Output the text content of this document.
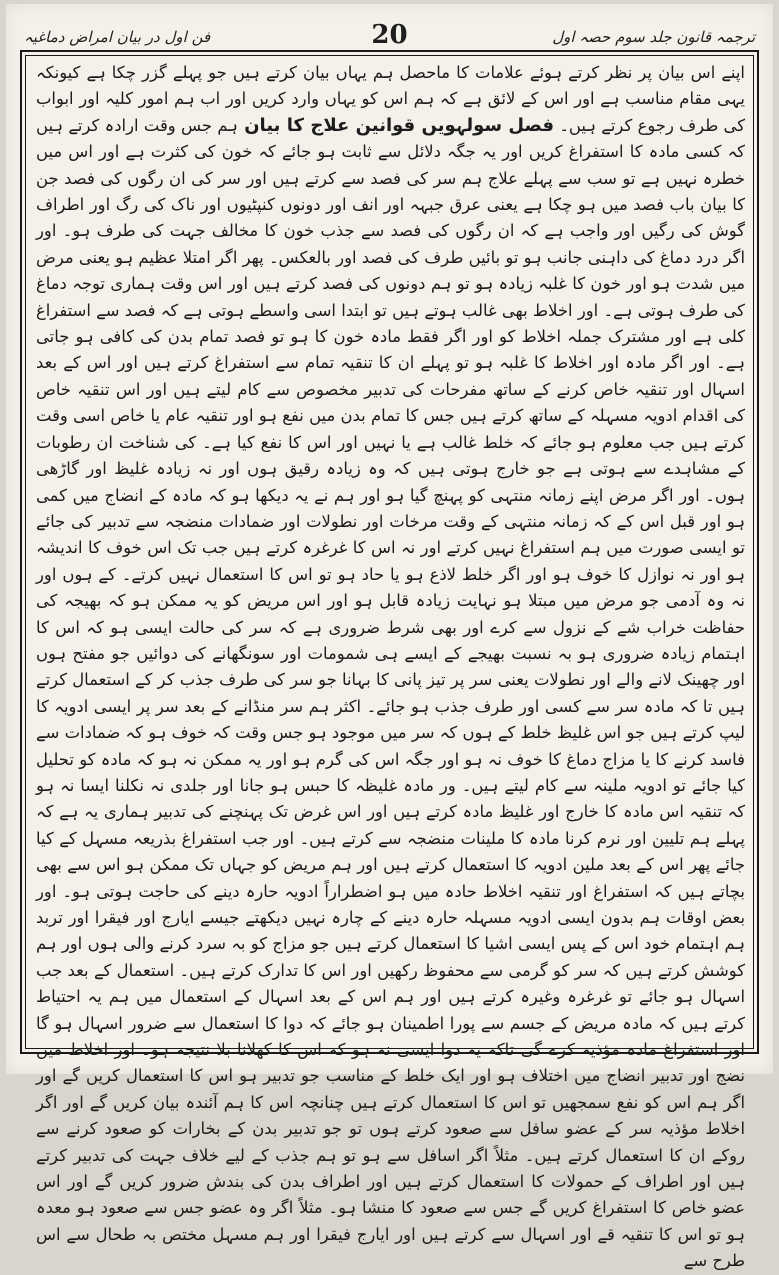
ترجمہ قانون جلد سوم حصہ اول
20
فن اول در بیان امراض دماغیہ

اپنے اس بیان پر نظر کرتے ہوئے علامات کا ماحصل ہم یہاں بیان کرتے ہیں جو پہلے گزر چکا ہے کیونکہ یہی مقام مناسب ہے اور اس کے لائق ہے کہ ہم اس کو یہاں وارد کریں اور اب ہم امور کلیہ اور ابواب کی طرف رجوع کرتے ہیں۔ فصل سولہویں قوانین علاج کا بیان ہم جس وقت ارادہ کرتے ہیں کہ کسی مادہ کا استفراغ کریں اور یہ جگہ دلائل سے ثابت ہو جائے کہ خون کی کثرت ہے اور اس میں خطرہ نہیں ہے تو سب سے پہلے علاج ہم سر کی فصد سے کرتے ہیں اور سر کی ان رگوں کی فصد جن کا بیان باب فصد میں ہو چکا ہے یعنی عرق جبہہ اور انف اور دونوں کنپٹیوں اور ناک کی رگ اور اطراف گوش کی رگیں اور واجب ہے کہ ان رگوں کی فصد سے جذب خون کا مخالف جہت کی طرف ہو۔ اور اگر درد دماغ کی داہنی جانب ہو تو بائیں طرف کی فصد اور بالعکس۔ پھر اگر امتلا عظیم ہو یعنی مرض میں شدت ہو اور خون کا غلبہ زیادہ ہو تو ہم دونوں کی فصد کرتے ہیں اور اس وقت ہماری توجہ دماغ کی طرف ہوتی ہے۔ اور اخلاط بھی غالب ہوتے ہیں تو ابتدا اسی واسطے ہوتی ہے کہ فصد سے استفراغ کلی ہے اور مشترک جملہ اخلاط کو اور اگر فقط مادہ خون کا ہو تو فصد تمام بدن کی کافی ہو جاتی ہے۔ اور اگر مادہ اور اخلاط کا غلبہ ہو تو پہلے ان کا تنقیہ تمام سے استفراغ کرتے ہیں اور اس کے بعد اسہال اور تنقیہ خاص کرنے کے ساتھ مفرحات کی تدبیر مخصوص سے کام لیتے ہیں اور اس تنقیہ خاص کی اقدام ادویہ مسہلہ کے ساتھ کرتے ہیں جس کا تمام بدن میں نفع ہو اور تنقیہ عام یا خاص اسی وقت کرتے ہیں جب معلوم ہو جائے کہ خلط غالب ہے یا نہیں اور اس کا نفع کیا ہے۔ کی شناخت ان رطوبات کے مشاہدے سے ہوتی ہے جو خارج ہوتی ہیں کہ وہ زیادہ رقیق ہوں اور نہ زیادہ غلیظ اور گاڑھی ہوں۔ اور اگر مرض اپنے زمانہ منتہی کو پہنچ گیا ہو اور ہم نے یہ دیکھا ہو کہ مادہ کے انضاج میں کمی ہو اور قبل اس کے کہ زمانہ منتہی کے وقت مرخات اور نطولات اور ضمادات منضجہ سے تدبیر کی جائے تو ایسی صورت میں ہم استفراغ نہیں کرتے اور نہ اس کا غرغرہ کرتے ہیں جب تک اس خوف کا اندیشہ ہو اور نہ نوازل کا خوف ہو اور اگر خلط لاذع ہو یا حاد ہو تو اس کا استعمال نہیں کرتے۔ کے ہوں اور نہ وہ آدمی جو مرض میں مبتلا ہو نہایت زیادہ قابل ہو اور اس مریض کو یہ ممکن ہو کہ بھیجہ کی حفاظت خراب شے کے نزول سے کرے اور بھی شرط ضروری ہے کہ سر کی حالت ایسی ہو کہ اس کا اہتمام زیادہ ضروری ہو بہ نسبت بھیجے کے ایسے ہی شمومات اور سونگھانے کی دوائیں جو مفتح ہوں اور چھینک لانے والے اور نطولات یعنی سر پر تیز پانی کا بہانا جو سر کی طرف جذب کر کے استعمال کرتے ہیں تا کہ مادہ سر سے کسی اور طرف جذب ہو جائے۔ اکثر ہم سر منڈانے کے بعد سر پر ایسی ادویہ کا لیپ کرتے ہیں جو اس غلیظ خلط کے ہوں کہ سر میں موجود ہو جس وقت کہ خوف ہو کہ ضمادات سے فاسد کرنے کا یا مزاج دماغ کا خوف نہ ہو اور جگہ اس کی گرم ہو اور یہ ممکن نہ ہو کہ مادہ کو تحلیل کیا جائے تو ادویہ ملینہ سے کام لیتے ہیں۔ ور مادہ غلیظہ کا حبس ہو جانا اور جلدی نہ نکلنا ایسا نہ ہو کہ تنقیہ اس مادہ کا خارج اور غلیظ مادہ کرتے ہیں اور اس غرض تک پہنچنے کی تدبیر ہماری یہ ہے کہ پہلے ہم تلیین اور نرم کرنا مادہ کا ملینات منضجہ سے کرتے ہیں۔ اور جب استفراغ بذریعہ مسہل کے کیا جائے پھر اس کے بعد ملین ادویہ کا استعمال کرتے ہیں اور ہم مریض کو جہاں تک ممکن ہو اس سے بھی بچاتے ہیں کہ استفراغ اور تنقیہ اخلاط حادہ میں ہو اضطراراً ادویہ حارہ دینے کی حاجت ہوتی ہو۔ اور بعض اوقات ہم بدون ایسی ادویہ مسہلہ حارہ دینے کے چارہ نہیں دیکھتے جیسے ایارج اور فیقرا اور تربد ہم اہتمام خود اس کے پس ایسی اشیا کا استعمال کرتے ہیں جو مزاج کو بہ سرد کرنے والی ہوں اور ہم کوشش کرتے ہیں کہ سر کو گرمی سے محفوظ رکھیں اور اس کا تدارک کرتے ہیں۔ استعمال کے بعد جب اسہال ہو جائے تو غرغرہ وغیرہ کرتے ہیں اور ہم اس کے بعد اسہال کے استعمال میں ہم یہ احتیاط کرتے ہیں کہ مادہ مریض کے جسم سے پورا اطمینان ہو جائے کہ دوا کا استعمال سے ضرور اسہال ہو گا اور استفراغ مادہ مؤذیہ کرے گی تاکہ یہ دوا ایسی نہ ہو کہ اس کا کھلانا بلا نتیجہ ہو۔ اور اخلاط میں نضج اور تدبیر انضاج میں اختلاف ہو اور ایک خلط کے مناسب جو تدبیر ہو اس کا استعمال کریں گے اور اگر ہم اس کو نفع سمجھیں تو اس کا استعمال کرتے ہیں چنانچہ اس کا ہم آئندہ بیان کریں گے اور اگر اخلاط مؤذیہ سر کے عضو سافل سے صعود کرتے ہوں تو جو تدبیر بدن کے بخارات کو صعود کرنے سے روکے ان کا استعمال کرتے ہیں۔ مثلاً اگر اسافل سے ہو تو ہم جذب کے لیے خلاف جہت کی تدبیر کرتے ہیں اور اطراف کے حمولات کا استعمال کرتے ہیں اور اطراف بدن کی بندش ضرور کریں گے اور اس عضو خاص کا استفراغ کریں گے جس سے صعود کا منشا ہو۔ مثلاً اگر وہ عضو جس سے صعود ہو معدہ ہو تو اس کا تنقیہ قے اور اسہال سے کرتے ہیں اور ایارج فیقرا اور ہم مسہل مختص بہ طحال سے اس طرح سے
